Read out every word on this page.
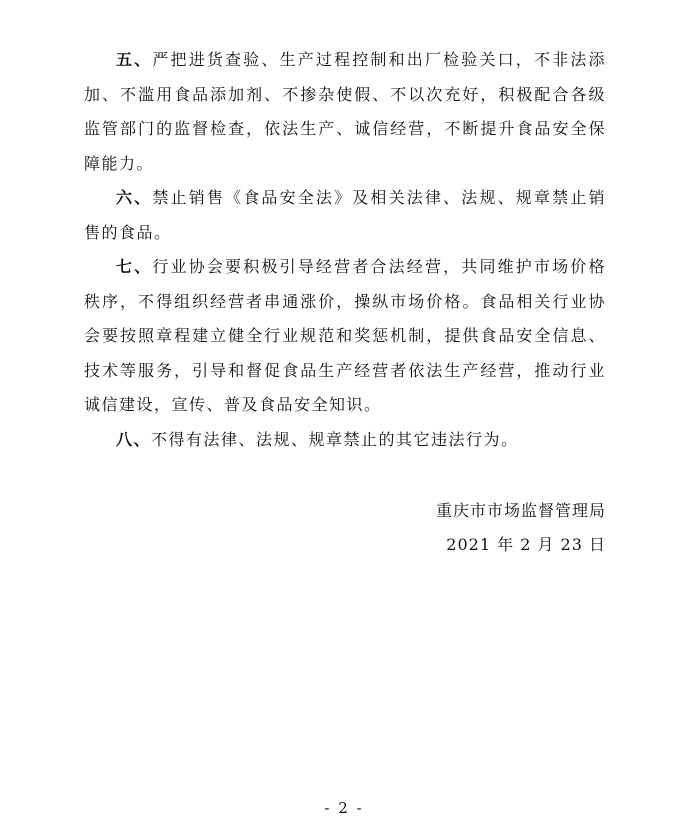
五、严把进货查验、生产过程控制和出厂检验关口，不非法添加、不滥用食品添加剂、不掺杂使假、不以次充好，积极配合各级监管部门的监督检查，依法生产、诚信经营，不断提升食品安全保障能力。

六、禁止销售《食品安全法》及相关法律、法规、规章禁止销售的食品。

七、行业协会要积极引导经营者合法经营，共同维护市场价格秩序，不得组织经营者串通涨价，操纵市场价格。食品相关行业协会要按照章程建立健全行业规范和奖惩机制，提供食品安全信息、技术等服务，引导和督促食品生产经营者依法生产经营，推动行业诚信建设，宣传、普及食品安全知识。

八、不得有法律、法规、规章禁止的其它违法行为。

重庆市市场监督管理局
2021 年 2 月 23 日
- 2 -
